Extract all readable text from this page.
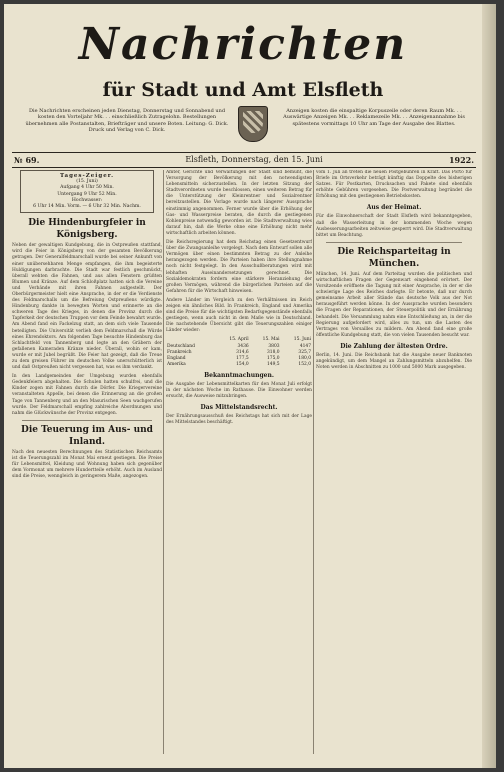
Nachrichten
für Stadt und Amt Elsfleth
Die Nachrichten erscheinen jeden Dienstag, Donnerstag und Sonnabend und kosten den Vorteljahr Mk. . . einschließlich Zutragelohn. Bestellungen übernehmen alle Postanstalten, Briefträger und unsere Boten. Leitung: G. Dick. Druck und Verlag von C. Dick.
Anzeigen kosten die einspaltige Korpuszeile oder deren Raum Mk. . . Auswärtige Anzeigen Mk. . . Reklamezeile Mk. . . Anzeigenannahme bis spätestens vormittags 10 Uhr am Tage der Ausgabe des Blattes.
№ 69.	Elsfleth, Donnerstag, den 15. Juni	1922.
Tages-Zeiger.
(15. Juni)
Aufgang 4 Uhr 50 Min.
Untergang 9 Uhr 52 Min.
Hochwasser:
6 Uhr 14 Min. Vorm. — 6 Uhr 32 Min. Nachm.
Die Hindenburgfeier in Königsberg.

Neben der gewaltigen Kundgebung, die in Ostpreußen stattfand, wird die Feier in Königsberg von der gesamten Bevölkerung getragen. Der Generalfeldmarschall wurde bei seiner Ankunft von einer unübersehbaren Menge empfangen, die ihm begeisterte Huldigungen darbrachte. Die Stadt war festlich geschmückt, überall wehten die Fahnen, und aus allen Fenstern grüßten Blumen und Kränze. Auf dem Schloßplatz hatten sich die Vereine und Verbände mit ihren Fahnen aufgestellt. Der Oberbürgermeister hielt eine Ansprache, in der er die Verdienste des Feldmarschalls um die Befreiung Ostpreußens würdigte. Hindenburg dankte in bewegten Worten und erinnerte an die schweren Tage des Krieges, in denen die Provinz durch die Tapferkeit der deutschen Truppen vor dem Feinde bewahrt wurde. Am Abend fand ein Fackelzug statt, an dem sich viele Tausende beteiligten. Die Universität verlieh dem Feldmarschall die Würde eines Ehrendoktors. Am folgenden Tage besuchte Hindenburg das Schlachtfeld von Tannenberg und legte an den Gräbern der gefallenen Kameraden Kränze nieder. Überall, wohin er kam, wurde er mit Jubel begrüßt. Die Feier hat gezeigt, daß die Treue zu dem greisen Führer im deutschen Volke unerschütterlich ist und daß Ostpreußen nicht vergessen hat, was es ihm verdankt.

In den Landgemeinden der Umgebung wurden ebenfalls Gedenkfeiern abgehalten. Die Schulen hatten schulfrei, und die Kinder zogen mit Fahnen durch die Dörfer. Die Kriegervereine veranstalteten Appelle, bei denen die Erinnerung an die großen Tage von Tannenberg und an den Masurischen Seen wachgerufen wurde. Der Feldmarschall empfing zahlreiche Abordnungen und nahm die Glückwünsche der Provinz entgegen.

Die Teuerung im Aus- und Inland.

Nach den neuesten Berechnungen des Statistischen Reichsamts ist die Teuerungszahl im Monat Mai erneut gestiegen. Die Preise für Lebensmittel, Kleidung und Wohnung haben sich gegenüber dem Vormonat um mehrere Hundertteile erhöht. Auch im Ausland sind die Preise, wenngleich in geringerem Maße, angezogen.

Ämter, Gerichte und Verwaltungen der Stadt sind bemüht, die Versorgung der Bevölkerung mit den notwendigsten Lebensmitteln sicherzustellen. In der letzten Sitzung der Stadtverordneten wurde beschlossen, einen weiteren Betrag für die Unterstützung der Kleinrentner und Sozialrentner bereitzustellen. Die Vorlage wurde nach längerer Aussprache einstimmig angenommen. Ferner wurde über die Erhöhung der Gas- und Wasserpreise beraten, die durch die gestiegenen Kohlenpreise notwendig geworden ist. Die Stadtverwaltung wies darauf hin, daß die Werke ohne eine Erhöhung nicht mehr wirtschaftlich arbeiten können.

Die Reichsregierung hat dem Reichstag einen Gesetzentwurf über die Zwangsanleihe vorgelegt. Nach dem Entwurf sollen alle Vermögen über einen bestimmten Betrag zu der Anleihe herangezogen werden. Die Parteien haben ihre Stellungnahme noch nicht festgelegt. In den Ausschußberatungen wird mit lebhaften Auseinandersetzungen gerechnet. Die Sozialdemokraten fordern eine stärkere Heranziehung der großen Vermögen, während die bürgerlichen Parteien auf die Gefahren für die Wirtschaft hinweisen.

Andere Länder im Vergleich zu den Verhältnissen im Reich zeigen ein ähnliches Bild. In Frankreich, England und Amerika sind die Preise für die wichtigsten Bedarfsgegenstände ebenfalls gestiegen, wenn auch nicht in dem Maße wie in Deutschland. Die nachstehende Übersicht gibt die Teuerungszahlen einiger Länder wieder:

	15. April	15. Mai	15. Juni
Deutschland	3436	3803	4147
Frankreich	314,6	318,0	325,7
England	177,5	175,0	180,0
Amerika	154,0	149,5	152,0
Bekanntmachungen.

Die Ausgabe der Lebensmittelkarten für den Monat Juli erfolgt in der nächsten Woche im Rathause. Die Einwohner werden ersucht, die Ausweise mitzubringen.

Das Mittelstandsrecht.

Der Ernährungsausschuß des Reichstags hat sich mit der Lage des Mittelstandes beschäftigt.

vom 1. Juli an treten die neuen Postgebühren in Kraft. Das Porto für Briefe im Ortsverkehr beträgt künftig das Doppelte des bisherigen Satzes. Für Postkarten, Drucksachen und Pakete sind ebenfalls erhöhte Gebühren vorgesehen. Die Postverwaltung begründet die Erhöhung mit den gestiegenen Betriebskosten.

Aus der Heimat.

Für die Einwohnerschaft der Stadt Elsfleth wird bekanntgegeben, daß die Wasserleitung in der kommenden Woche wegen Ausbesserungsarbeiten zeitweise gesperrt wird. Die Stadtverwaltung bittet um Beachtung.

Die Reichsparteitag in München.

München, 14. Juni. Auf dem Parteitag wurden die politischen und wirtschaftlichen Fragen der Gegenwart eingehend erörtert. Der Vorsitzende eröffnete die Tagung mit einer Ansprache, in der er die schwierige Lage des Reiches darlegte. Er betonte, daß nur durch gemeinsame Arbeit aller Stände das deutsche Volk aus der Not herausgeführt werden könne. In der Aussprache wurden besonders die Fragen der Reparationen, der Steuerpolitik und der Ernährung behandelt. Die Versammlung nahm eine Entschließung an, in der die Regierung aufgefordert wird, alles zu tun, um die Lasten des Vertrages von Versailles zu mildern. Am Abend fand eine große öffentliche Kundgebung statt, die von vielen Tausenden besucht war.

Die Zahlung der ältesten Ordre.

Berlin, 14. Juni. Die Reichsbank hat die Ausgabe neuer Banknoten angekündigt, um dem Mangel an Zahlungsmitteln abzuhelfen. Die Noten werden in Abschnitten zu 1000 und 5000 Mark ausgegeben.
